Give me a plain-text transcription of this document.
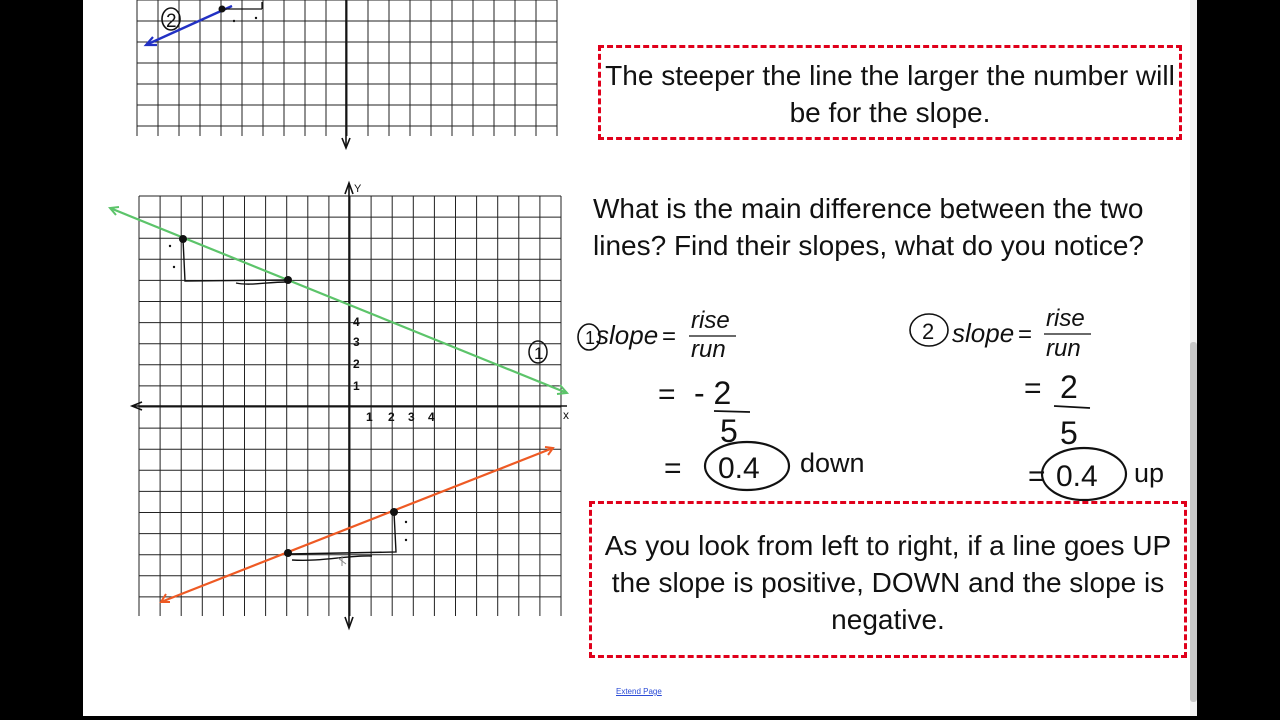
2
Y
x
4
3
2
1
1 2 3 4
1
The steeper the line the larger the number will be for the slope.
What is the main difference between the two lines? Find their slopes, what do you notice?
1 slope =
rise
run
2 slope =
rise
run
= - 2
5
= 0.4 down
= 2
5
= 0.4 up
As you look from left to right, if a line goes UP the slope is positive, DOWN and the slope is negative.
Extend Page
